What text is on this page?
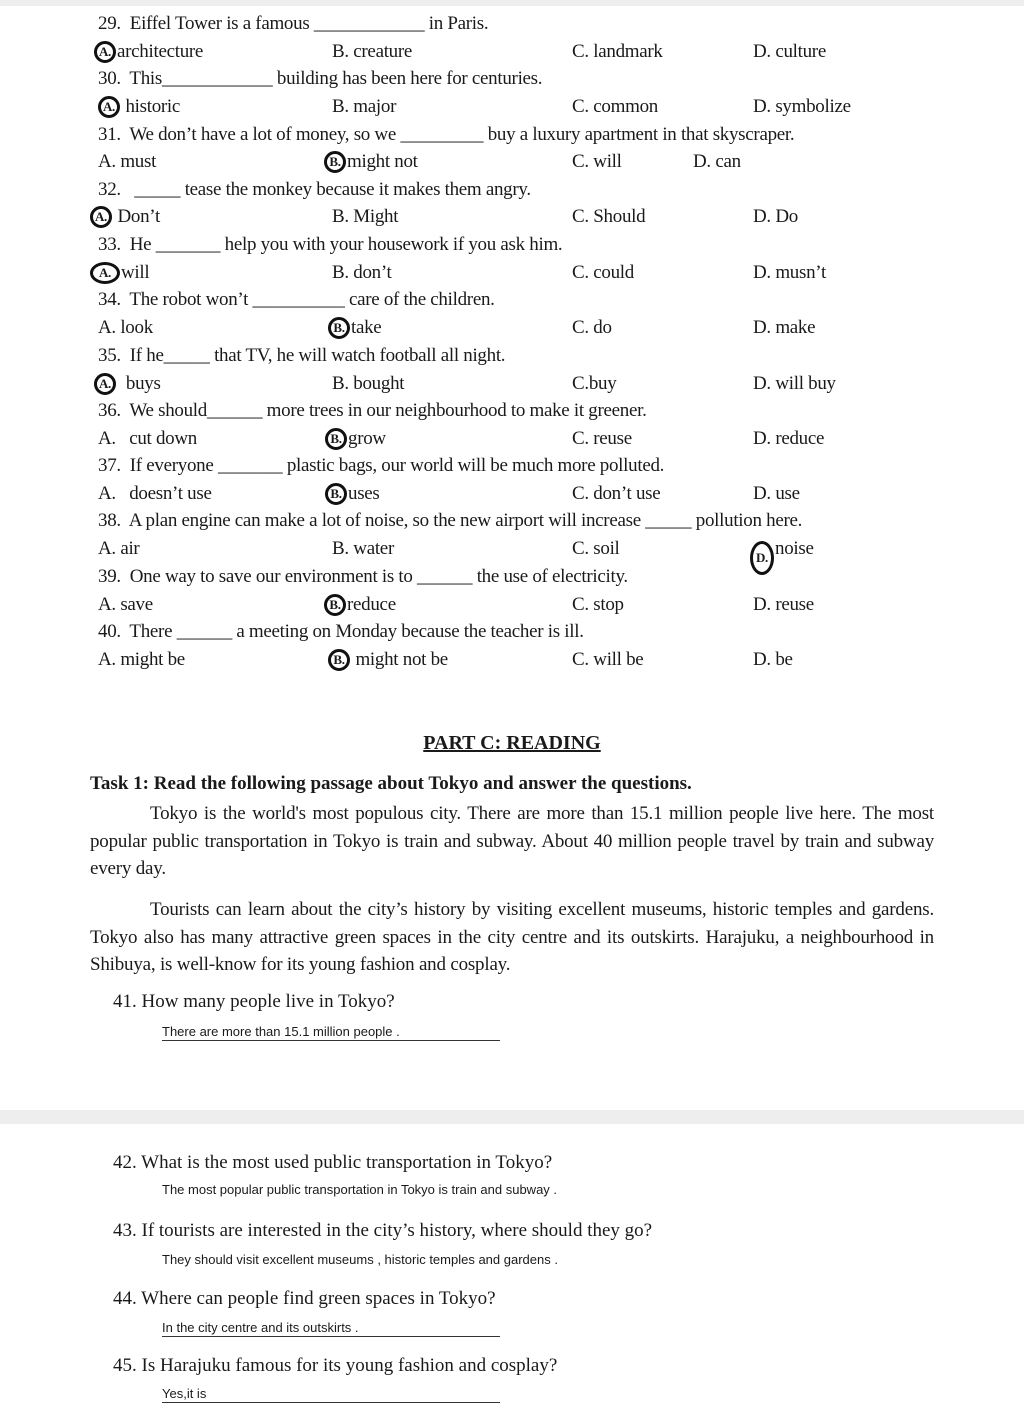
29. Eiffel Tower is a famous ____________ in Paris.
A. architecture	B. creature	C. landmark	D. culture
30. This____________ building has been here for centuries.
A. historic	B. major	C. common	D. symbolize
31. We don’t have a lot of money, so we _________ buy a luxury apartment in that skyscraper.
A. must	B. might not	C. will	D. can
32. _____ tease the monkey because it makes them angry.
A. Don’t	B. Might	C. Should	D. Do
33. He _______ help you with your housework if you ask him.
A. will	B. don’t	C. could	D. musn’t
34. The robot won’t __________ care of the children.
A. look	B. take	C. do	D. make
35. If he_____ that TV, he will watch football all night.
A. buys	B. bought	C.buy	D. will buy
36. We should______ more trees in our neighbourhood to make it greener.
A.   cut down	B. grow	C. reuse	D. reduce
37. If everyone _______ plastic bags, our world will be much more polluted.
A.   doesn’t use	B. uses	C. don’t use	D. use
38. A plan engine can make a lot of noise, so the new airport will increase _____ pollution here.
A. air	B. water	C. soil	D. noise
39. One way to save our environment is to ______ the use of electricity.
A. save	B. reduce	C. stop	D. reuse
40. There ______ a meeting on Monday because the teacher is ill.
A. might be	B. might not be	C. will be	D. be
PART C: READING
Task 1: Read the following passage about Tokyo and answer the questions.
Tokyo is the world's most populous city. There are more than 15.1 million people live here. The most popular public transportation in Tokyo is train and subway. About 40 million people travel by train and subway every day.
Tourists can learn about the city’s history by visiting excellent museums, historic temples and gardens. Tokyo also has many attractive green spaces in the city centre and its outskirts. Harajuku, a neighbourhood in Shibuya, is well-know for its young fashion and cosplay.
41. How many people live in Tokyo?
There are more than 15.1 million people .
42. What is the most used public transportation in Tokyo?
The most popular public transportation in Tokyo is train and subway .
43. If tourists are interested in the city’s history, where should they go?
They should visit excellent museums , historic temples and gardens .
44. Where can people find green spaces in Tokyo?
In the city centre and its outskirts .
45. Is Harajuku famous for its young fashion and cosplay?
Yes,it is
